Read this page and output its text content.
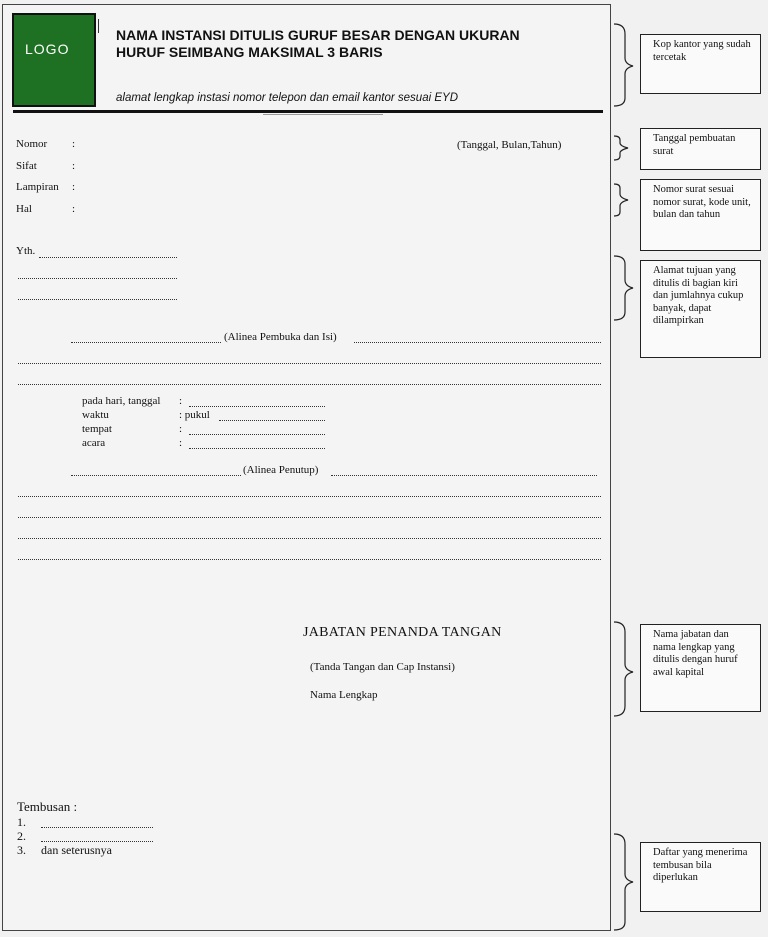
LOGO
NAMA INSTANSI DITULIS GURUF BESAR DENGAN UKURAN
HURUF SEIMBANG MAKSIMAL 3 BARIS
alamat lengkap instasi nomor telepon dan email kantor sesuai EYD
Nomor :
Sifat	:
Lampiran :
Hal	:
(Tanggal, Bulan,Tahun)
Yth.
(Alinea Pembuka dan Isi)
pada hari, tanggal :
waktu	: pukul
tempat	:
acara	:
(Alinea Penutup)
JABATAN PENANDA TANGAN
(Tanda Tangan dan Cap Instansi)
Nama Lengkap
Tembusan :
1.
2.
3. dan seterusnya
Kop kantor yang sudah tercetak
Tanggal pembuatan surat
Nomor surat sesuai nomor surat, kode unit, bulan dan tahun
Alamat tujuan yang ditulis di bagian kiri dan jumlahnya cukup banyak, dapat dilampirkan
Nama jabatan dan nama lengkap yang ditulis dengan huruf awal kapital
Daftar yang menerima tembusan bila diperlukan
